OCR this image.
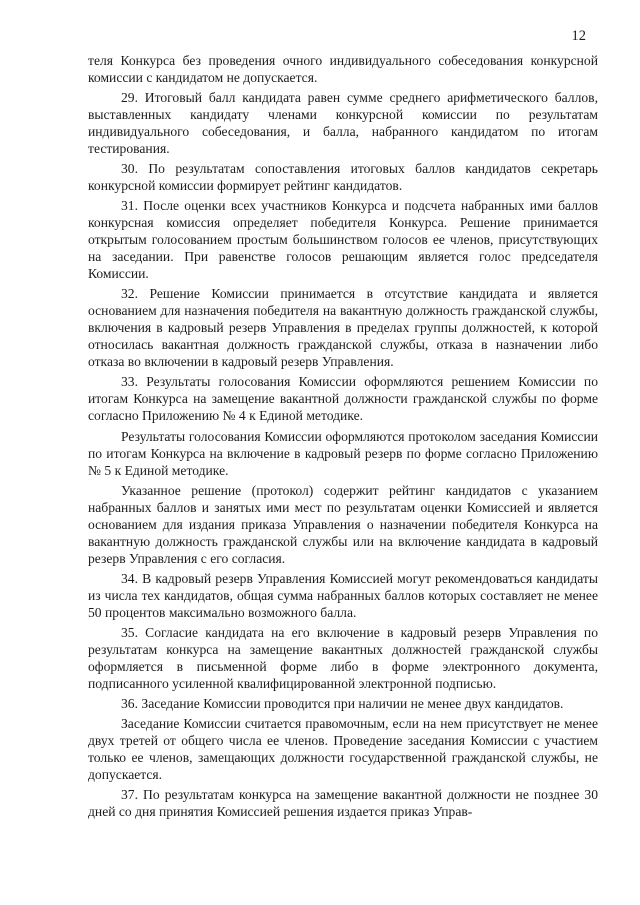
12

теля Конкурса без проведения очного индивидуального собеседования конкурсной комиссии с кандидатом не допускается.

29. Итоговый балл кандидата равен сумме среднего арифметического баллов, выставленных кандидату членами конкурсной комиссии по результатам индивидуального собеседования, и балла, набранного кандидатом по итогам тестирования.

30. По результатам сопоставления итоговых баллов кандидатов секретарь конкурсной комиссии формирует рейтинг кандидатов.

31. После оценки всех участников Конкурса и подсчета набранных ими баллов конкурсная комиссия определяет победителя Конкурса. Решение принимается открытым голосованием простым большинством голосов ее членов, присутствующих на заседании. При равенстве голосов решающим является голос председателя Комиссии.

32. Решение Комиссии принимается в отсутствие кандидата и является основанием для назначения победителя на вакантную должность гражданской службы, включения в кадровый резерв Управления в пределах группы должностей, к которой относилась вакантная должность гражданской службы, отказа в назначении либо отказа во включении в кадровый резерв Управления.

33. Результаты голосования Комиссии оформляются решением Комиссии по итогам Конкурса на замещение вакантной должности гражданской службы по форме согласно Приложению № 4 к Единой методике.

Результаты голосования Комиссии оформляются протоколом заседания Комиссии по итогам Конкурса на включение в кадровый резерв по форме согласно Приложению № 5 к Единой методике.

Указанное решение (протокол) содержит рейтинг кандидатов с указанием набранных баллов и занятых ими мест по результатам оценки Комиссией и является основанием для издания приказа Управления о назначении победителя Конкурса на вакантную должность гражданской службы или на включение кандидата в кадровый резерв Управления с его согласия.

34. В кадровый резерв Управления Комиссией могут рекомендоваться кандидаты из числа тех кандидатов, общая сумма набранных баллов которых составляет не менее 50 процентов максимально возможного балла.

35. Согласие кандидата на его включение в кадровый резерв Управления по результатам конкурса на замещение вакантных должностей гражданской службы оформляется в письменной форме либо в форме электронного документа, подписанного усиленной квалифицированной электронной подписью.

36. Заседание Комиссии проводится при наличии не менее двух кандидатов.

Заседание Комиссии считается правомочным, если на нем присутствует не менее двух третей от общего числа ее членов. Проведение заседания Комиссии с участием только ее членов, замещающих должности государственной гражданской службы, не допускается.

37. По результатам конкурса на замещение вакантной должности не позднее 30 дней со дня принятия Комиссией решения издается приказ Управ-
